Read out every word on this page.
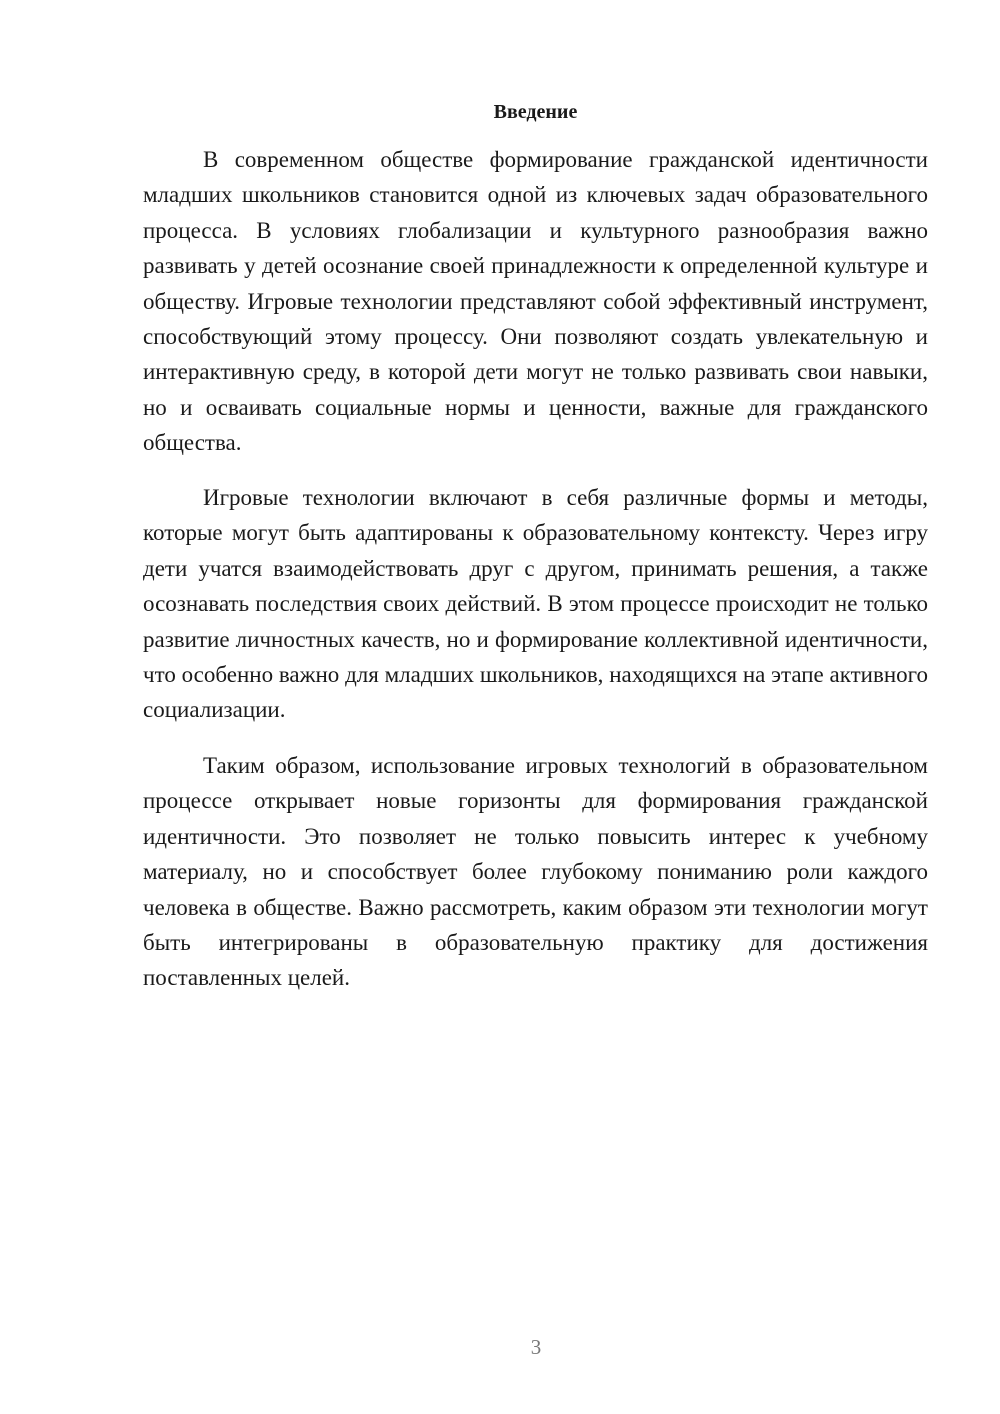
Введение

В современном обществе формирование гражданской идентичности младших школьников становится одной из ключевых задач образовательного процесса. В условиях глобализации и культурного разнообразия важно развивать у детей осознание своей принадлежности к определенной культуре и обществу. Игровые технологии представляют собой эффективный инструмент, способствующий этому процессу. Они позволяют создать увлекательную и интерактивную среду, в которой дети могут не только развивать свои навыки, но и осваивать социальные нормы и ценности, важные для гражданского общества.

Игровые технологии включают в себя различные формы и методы, которые могут быть адаптированы к образовательному контексту. Через игру дети учатся взаимодействовать друг с другом, принимать решения, а также осознавать последствия своих действий. В этом процессе происходит не только развитие личностных качеств, но и формирование коллективной идентичности, что особенно важно для младших школьников, находящихся на этапе активного социализации.

Таким образом, использование игровых технологий в образовательном процессе открывает новые горизонты для формирования гражданской идентичности. Это позволяет не только повысить интерес к учебному материалу, но и способствует более глубокому пониманию роли каждого человека в обществе. Важно рассмотреть, каким образом эти технологии могут быть интегрированы в образовательную практику для достижения поставленных целей.

3
